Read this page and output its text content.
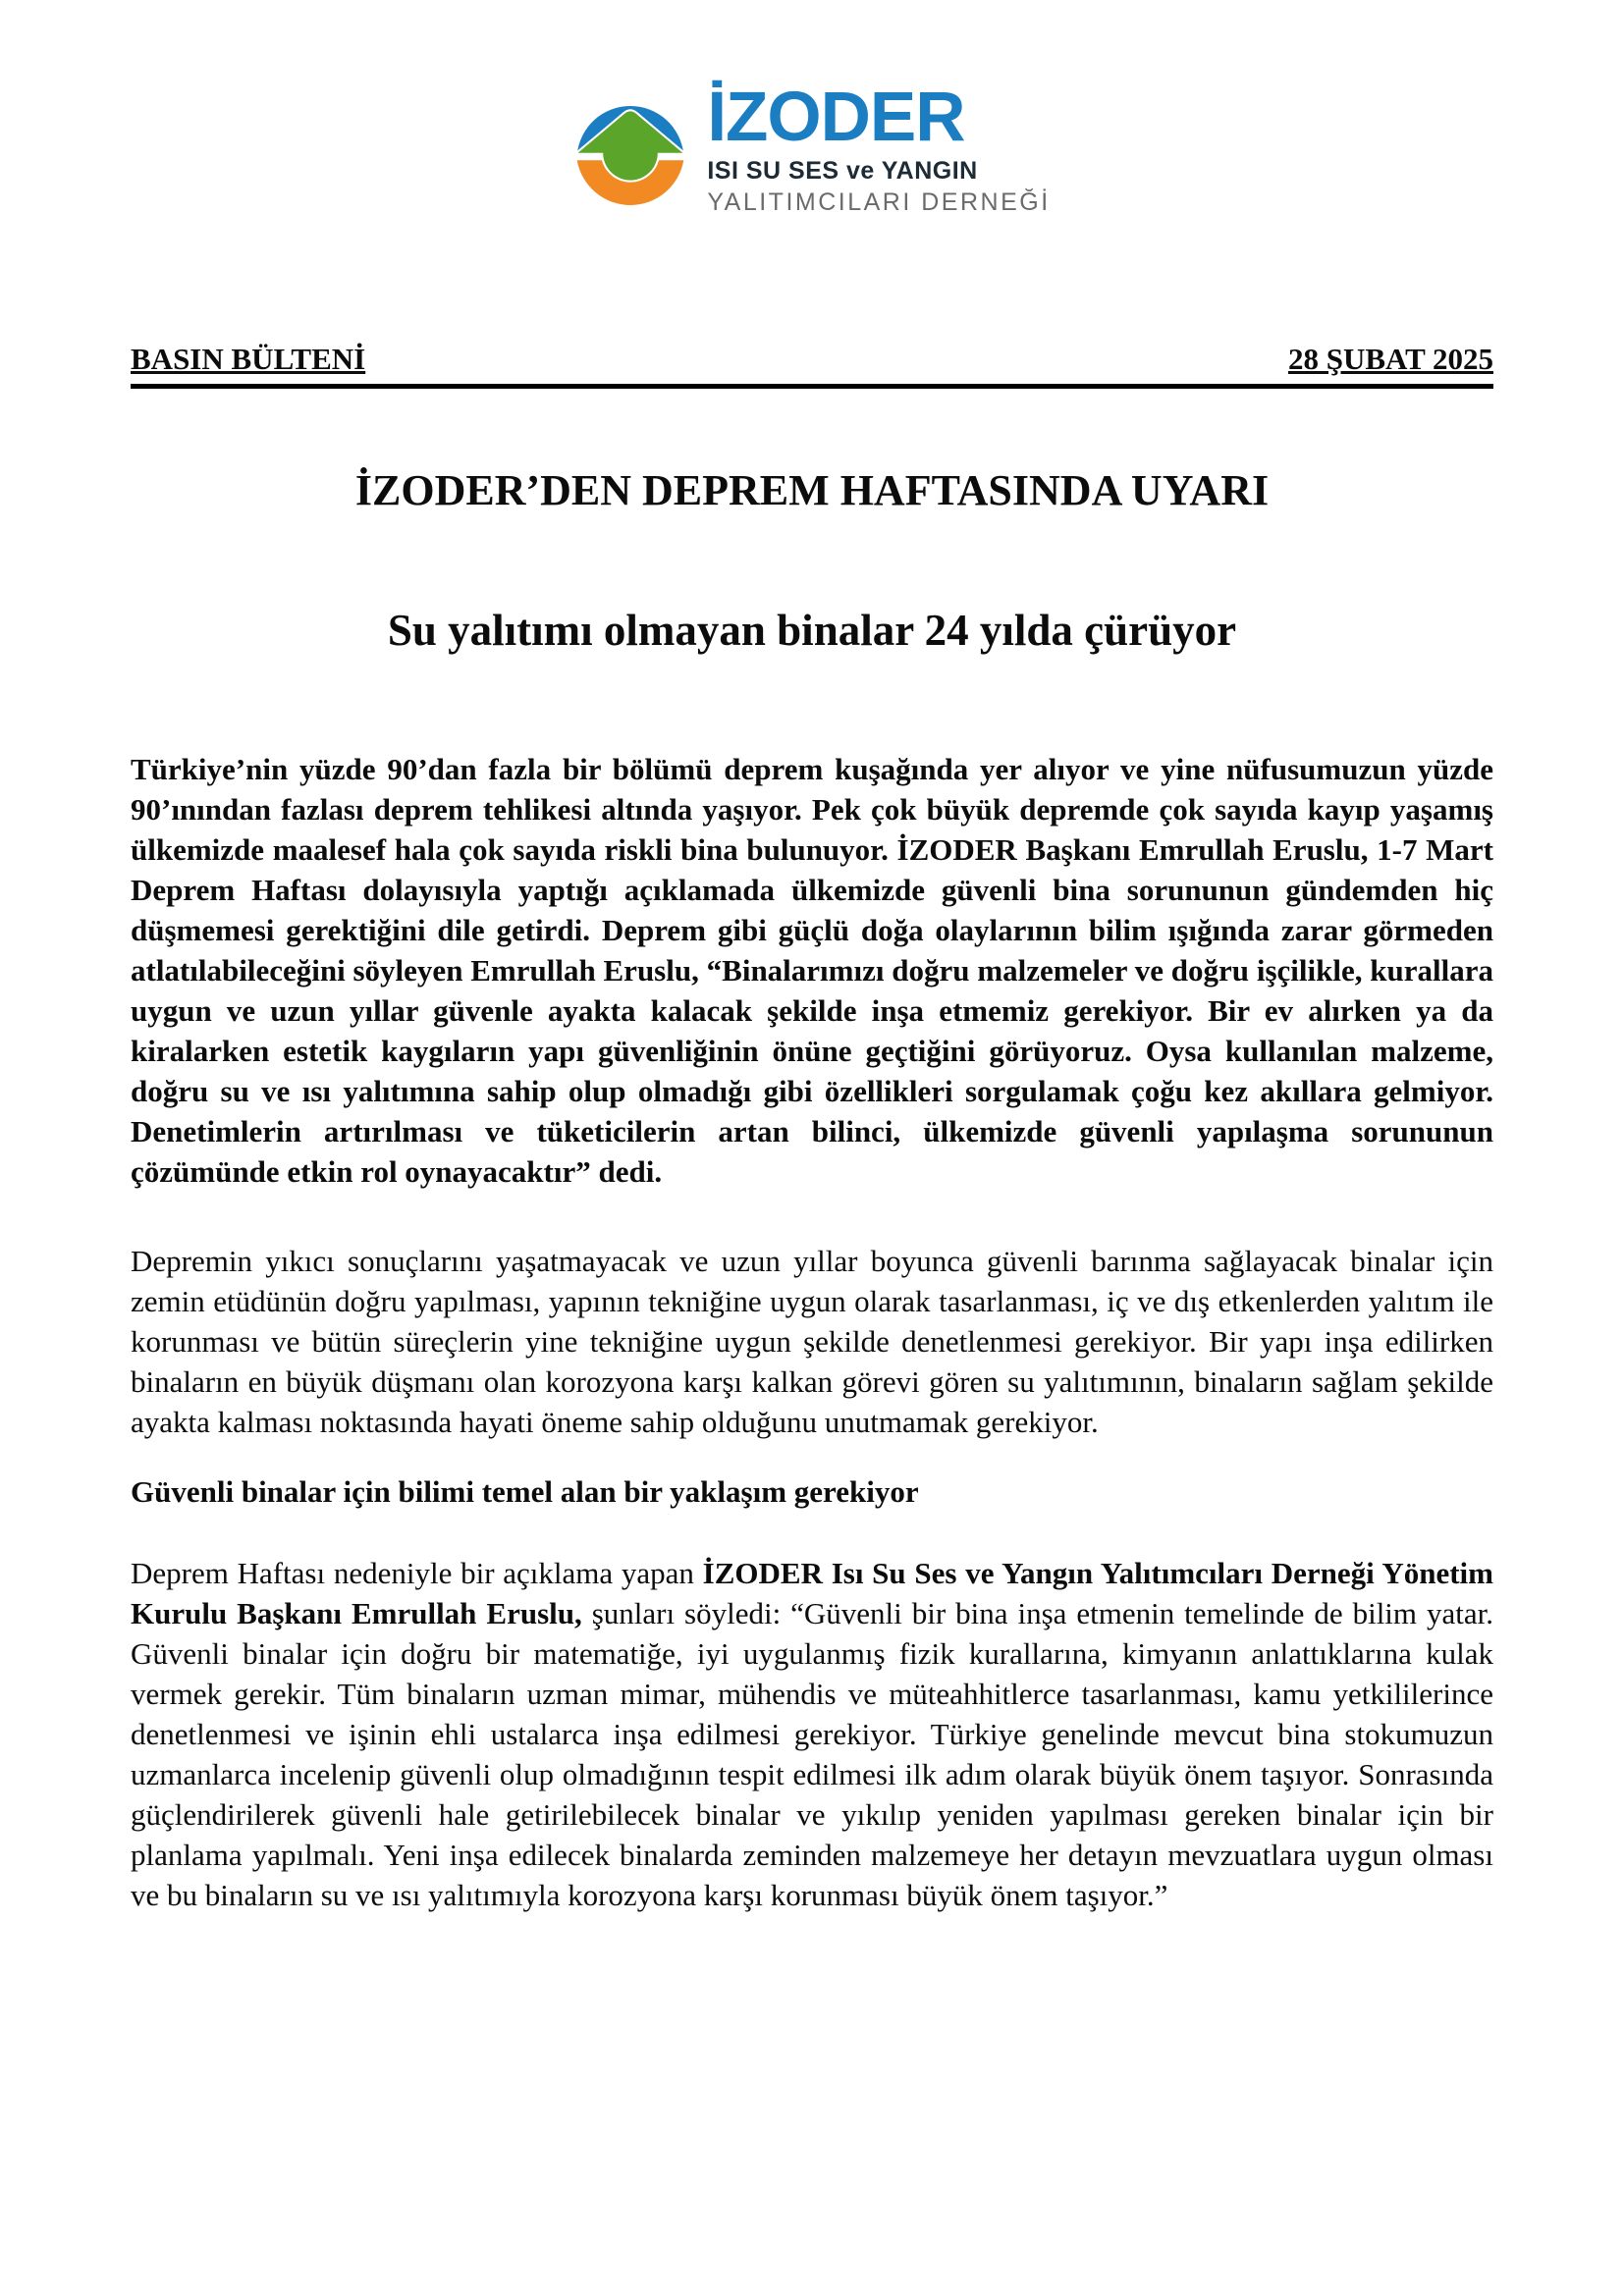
İZODER
ISI SU SES ve YANGIN
YALITIMCILARI DERNEĞİ
BASIN BÜLTENİ	28 ŞUBAT 2025
İZODER’DEN DEPREM HAFTASINDA UYARI
Su yalıtımı olmayan binalar 24 yılda çürüyor

Türkiye’nin yüzde 90’dan fazla bir bölümü deprem kuşağında yer alıyor ve yine nüfusumuzun yüzde 90’ınından fazlası deprem tehlikesi altında yaşıyor. Pek çok büyük depremde çok sayıda kayıp yaşamış ülkemizde maalesef hala çok sayıda riskli bina bulunuyor. İZODER Başkanı Emrullah Eruslu, 1-7 Mart Deprem Haftası dolayısıyla yaptığı açıklamada ülkemizde güvenli bina sorununun gündemden hiç düşmemesi gerektiğini dile getirdi. Deprem gibi güçlü doğa olaylarının bilim ışığında zarar görmeden atlatılabileceğini söyleyen Emrullah Eruslu, “Binalarımızı doğru malzemeler ve doğru işçilikle, kurallara uygun ve uzun yıllar güvenle ayakta kalacak şekilde inşa etmemiz gerekiyor. Bir ev alırken ya da kiralarken estetik kaygıların yapı güvenliğinin önüne geçtiğini görüyoruz. Oysa kullanılan malzeme, doğru su ve ısı yalıtımına sahip olup olmadığı gibi özellikleri sorgulamak çoğu kez akıllara gelmiyor. Denetimlerin artırılması ve tüketicilerin artan bilinci, ülkemizde güvenli yapılaşma sorununun çözümünde etkin rol oynayacaktır” dedi.

Depremin yıkıcı sonuçlarını yaşatmayacak ve uzun yıllar boyunca güvenli barınma sağlayacak binalar için zemin etüdünün doğru yapılması, yapının tekniğine uygun olarak tasarlanması, iç ve dış etkenlerden yalıtım ile korunması ve bütün süreçlerin yine tekniğine uygun şekilde denetlenmesi gerekiyor. Bir yapı inşa edilirken binaların en büyük düşmanı olan korozyona karşı kalkan görevi gören su yalıtımının, binaların sağlam şekilde ayakta kalması noktasında hayati öneme sahip olduğunu unutmamak gerekiyor.

Güvenli binalar için bilimi temel alan bir yaklaşım gerekiyor

Deprem Haftası nedeniyle bir açıklama yapan İZODER Isı Su Ses ve Yangın Yalıtımcıları Derneği Yönetim Kurulu Başkanı Emrullah Eruslu, şunları söyledi: “Güvenli bir bina inşa etmenin temelinde de bilim yatar. Güvenli binalar için doğru bir matematiğe, iyi uygulanmış fizik kurallarına, kimyanın anlattıklarına kulak vermek gerekir. Tüm binaların uzman mimar, mühendis ve müteahhitlerce tasarlanması, kamu yetkililerince denetlenmesi ve işinin ehli ustalarca inşa edilmesi gerekiyor. Türkiye genelinde mevcut bina stokumuzun uzmanlarca incelenip güvenli olup olmadığının tespit edilmesi ilk adım olarak büyük önem taşıyor. Sonrasında güçlendirilerek güvenli hale getirilebilecek binalar ve yıkılıp yeniden yapılması gereken binalar için bir planlama yapılmalı. Yeni inşa edilecek binalarda zeminden malzemeye her detayın mevzuatlara uygun olması ve bu binaların su ve ısı yalıtımıyla korozyona karşı korunması büyük önem taşıyor.”
